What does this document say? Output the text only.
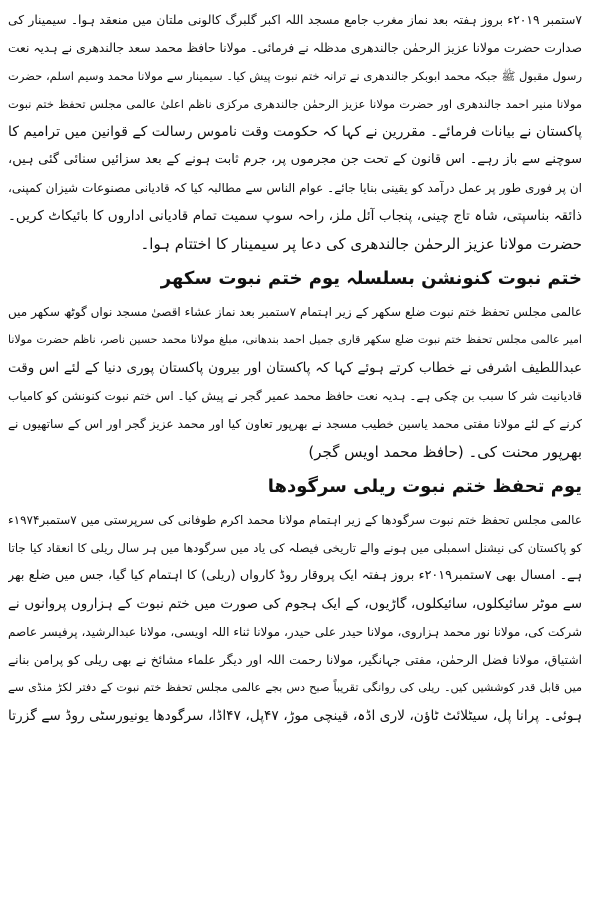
۷ستمبر ۲۰۱۹ء بروز ہفتہ بعد نماز مغرب جامع مسجد اللہ اکبر گلبرگ کالونی ملتان میں منعقد ہوا۔ سیمینار کی
صدارت حضرت مولانا عزیز الرحمٰن جالندھری مدظلہ نے فرمائی۔ مولانا حافظ محمد سعد جالندھری نے ہدیہ نعت
رسول مقبول ﷺ جبکہ محمد ابوبکر جالندھری نے ترانہ ختم نبوت پیش کیا۔ سیمینار سے مولانا محمد وسیم اسلم، حضرت
مولانا منیر احمد جالندھری اور حضرت مولانا عزیز الرحمٰن جالندھری مرکزی ناظم اعلیٰ عالمی مجلس تحفظ ختم نبوت
پاکستان نے بیانات فرمائے۔ مقررین نے کہا کہ حکومت وقت ناموس رسالت کے قوانین میں ترامیم کا
سوچنے سے باز رہے۔ اس قانون کے تحت جن مجرموں پر، جرم ثابت ہونے کے بعد سزائیں سنائی گئی ہیں،
ان پر فوری طور پر عمل درآمد کو یقینی بنایا جائے۔ عوام الناس سے مطالبہ کیا کہ قادیانی مصنوعات شیزان کمپنی،
ذائقہ بناسپتی، شاہ تاج چینی، پنجاب آئل ملز، راحہ سوپ سمیت تمام قادیانی اداروں کا بائیکاٹ کریں۔
حضرت مولانا عزیز الرحمٰن جالندھری کی دعا پر سیمینار کا اختتام ہوا۔
ختم نبوت کنونشن بسلسلہ یوم ختم نبوت سکھر
عالمی مجلس تحفظ ختم نبوت ضلع سکھر کے زیر اہتمام ۷ستمبر بعد نماز عشاء اقصیٰ مسجد نواں گوٹھ سکھر میں
امیر عالمی مجلس تحفظ ختم نبوت ضلع سکھر قاری جمیل احمد بندھانی، مبلغ مولانا محمد حسین ناصر، ناظم حضرت مولانا
عبداللطیف اشرفی نے خطاب کرتے ہوئے کہا کہ پاکستان اور بیرون پاکستان پوری دنیا کے لئے اس وقت
قادیانیت شر کا سبب بن چکی ہے۔ ہدیہ نعت حافظ محمد عمیر گجر نے پیش کیا۔ اس ختم نبوت کنونشن کو کامیاب
کرنے کے لئے مولانا مفتی محمد یاسین خطیب مسجد نے بھرپور تعاون کیا اور محمد عزیز گجر اور اس کے ساتھیوں نے
بھرپور محنت کی۔ (حافظ محمد اویس گجر)
یوم تحفظ ختم نبوت ریلی سرگودھا
عالمی مجلس تحفظ ختم نبوت سرگودھا کے زیر اہتمام مولانا محمد اکرم طوفانی کی سرپرستی میں ۷ستمبر۱۹۷۴ء
کو پاکستان کی نیشنل اسمبلی میں ہونے والے تاریخی فیصلہ کی یاد میں سرگودھا میں ہر سال ریلی کا انعقاد کیا جاتا
ہے۔ امسال بھی ۷ستمبر۲۰۱۹ء بروز ہفتہ ایک پروقار روڈ کارواں (ریلی) کا اہتمام کیا گیا، جس میں ضلع بھر
سے موٹر سائیکلوں، سائیکلوں، گاڑیوں، کے ایک ہجوم کی صورت میں ختم نبوت کے ہزاروں پروانوں نے
شرکت کی، مولانا نور محمد ہزاروی، مولانا حیدر علی حیدر، مولانا ثناء اللہ اویسی، مولانا عبدالرشید، پرفیسر عاصم
اشتیاق، مولانا فضل الرحمٰن، مفتی جہانگیر، مولانا رحمت اللہ اور دیگر علماء مشائخ نے بھی ریلی کو پرامن بنانے
میں قابل قدر کوششیں کیں۔ ریلی کی روانگی تقریباً صبح دس بجے عالمی مجلس تحفظ ختم نبوت کے دفتر لکڑ منڈی سے
ہوئی۔ پرانا پل، سیٹلائٹ ٹاؤن، لاری اڈہ، قینچی موڑ، ۴۷پل، ۴۷اڈا، سرگودھا یونیورسٹی روڈ سے گزرتا
